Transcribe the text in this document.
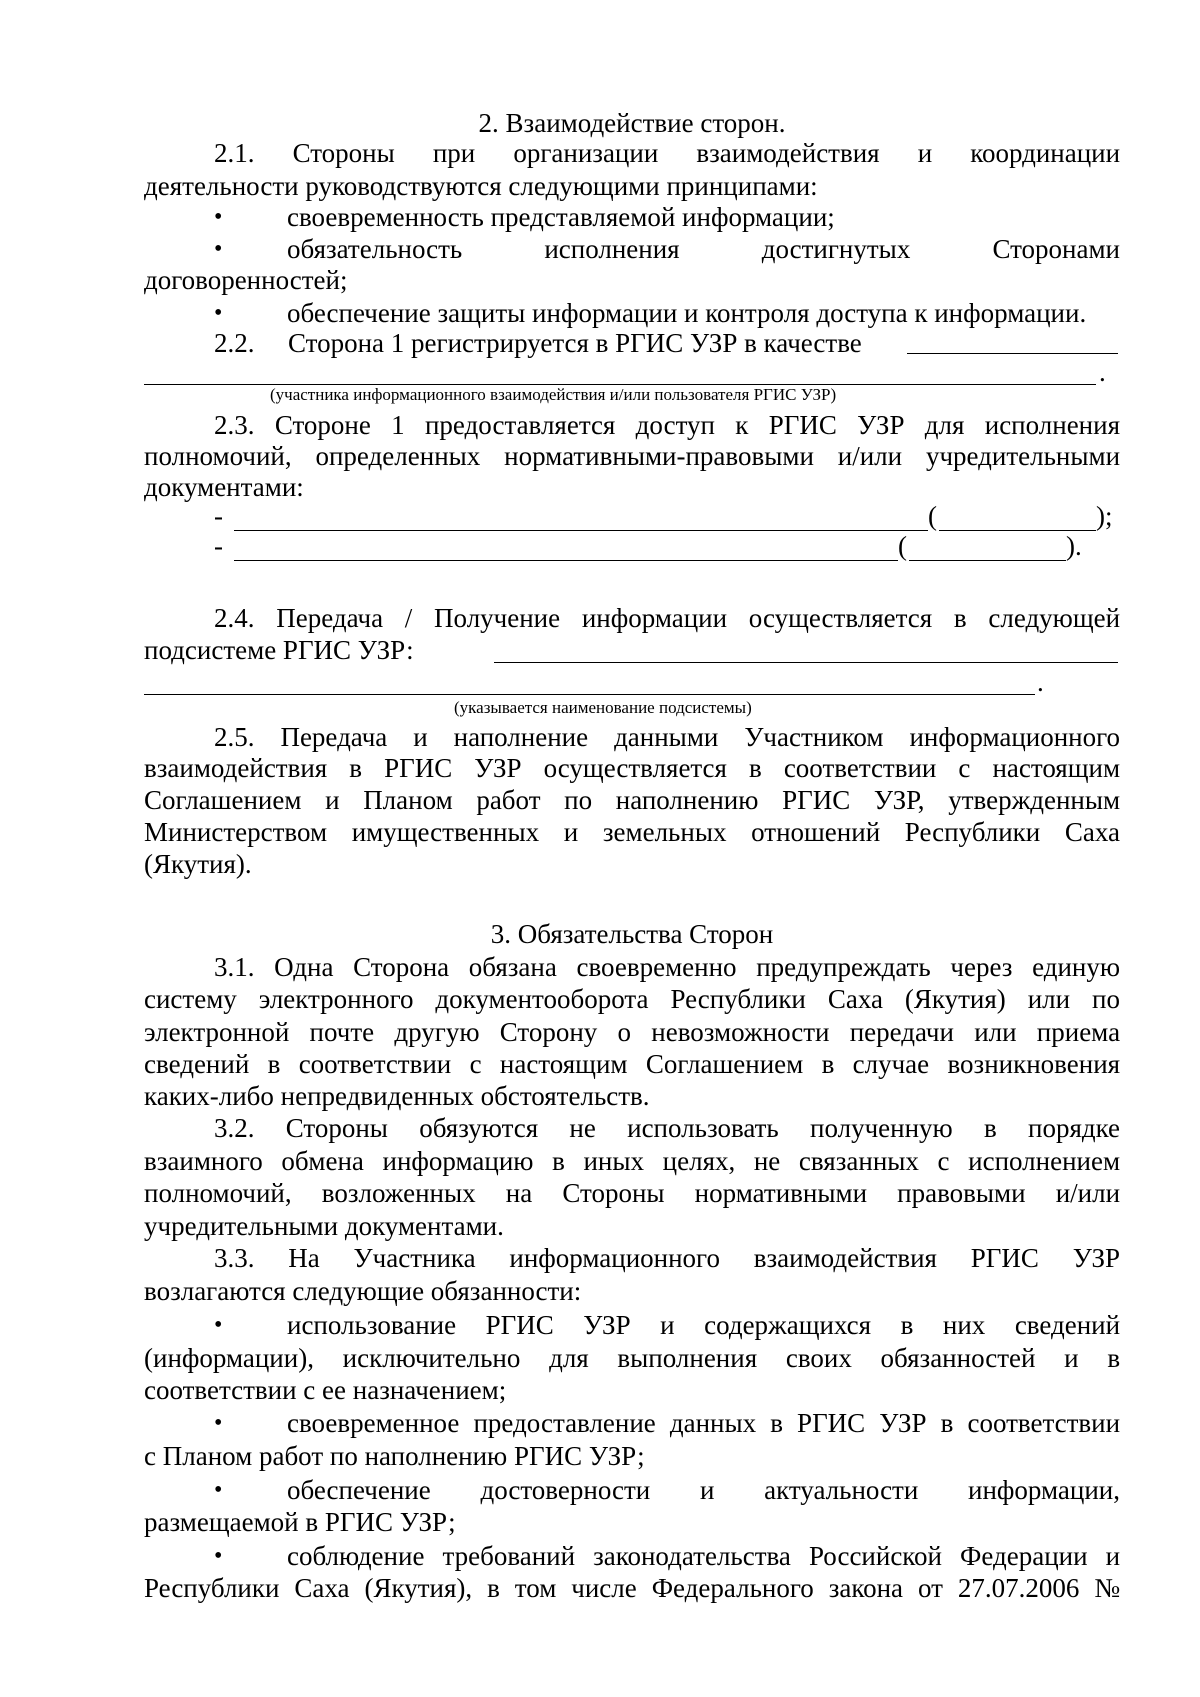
2. Взаимодействие сторон.
2.1. Стороны при организации взаимодействия и координации
деятельности руководствуются следующими принципами:
•	своевременность представляемой информации;
•	обязательность	исполнения	достигнутых	Сторонами
договоренностей;
•	обеспечение защиты информации и контроля доступа к информации.
2.2. Сторона 1 регистрируется в РГИС УЗР в качестве
.
(участника информационного взаимодействия и/или пользователя РГИС УЗР)
2.3. Стороне 1 предоставляется доступ к РГИС УЗР для исполнения
полномочий, определенных нормативными-правовыми и/или учредительными
документами:
-	(	);
-	(	).
2.4. Передача / Получение информации осуществляется в следующей
подсистеме РГИС УЗР:
.
(указывается наименование подсистемы)
2.5. Передача и наполнение данными Участником информационного
взаимодействия в РГИС УЗР осуществляется в соответствии с настоящим
Соглашением и Планом работ по наполнению РГИС УЗР, утвержденным
Министерством имущественных и земельных отношений Республики Саха
(Якутия).
3. Обязательства Сторон
3.1. Одна Сторона обязана своевременно предупреждать через единую
систему электронного документооборота Республики Саха (Якутия) или по
электронной почте другую Сторону о невозможности передачи или приема
сведений в соответствии с настоящим Соглашением в случае возникновения
каких-либо непредвиденных обстоятельств.
3.2. Стороны обязуются не использовать полученную в порядке
взаимного обмена информацию в иных целях, не связанных с исполнением
полномочий, возложенных на Стороны нормативными правовыми и/или
учредительными документами.
3.3. На Участника информационного взаимодействия РГИС УЗР
возлагаются следующие обязанности:
•	использование РГИС УЗР и содержащихся в них сведений
(информации), исключительно для выполнения своих обязанностей и в
соответствии с ее назначением;
•	своевременное предоставление данных в РГИС УЗР в соответствии
с Планом работ по наполнению РГИС УЗР;
•	обеспечение достоверности и актуальности информации,
размещаемой в РГИС УЗР;
•	соблюдение требований законодательства Российской Федерации и
Республики Саха (Якутия), в том числе Федерального закона от 27.07.2006 №
